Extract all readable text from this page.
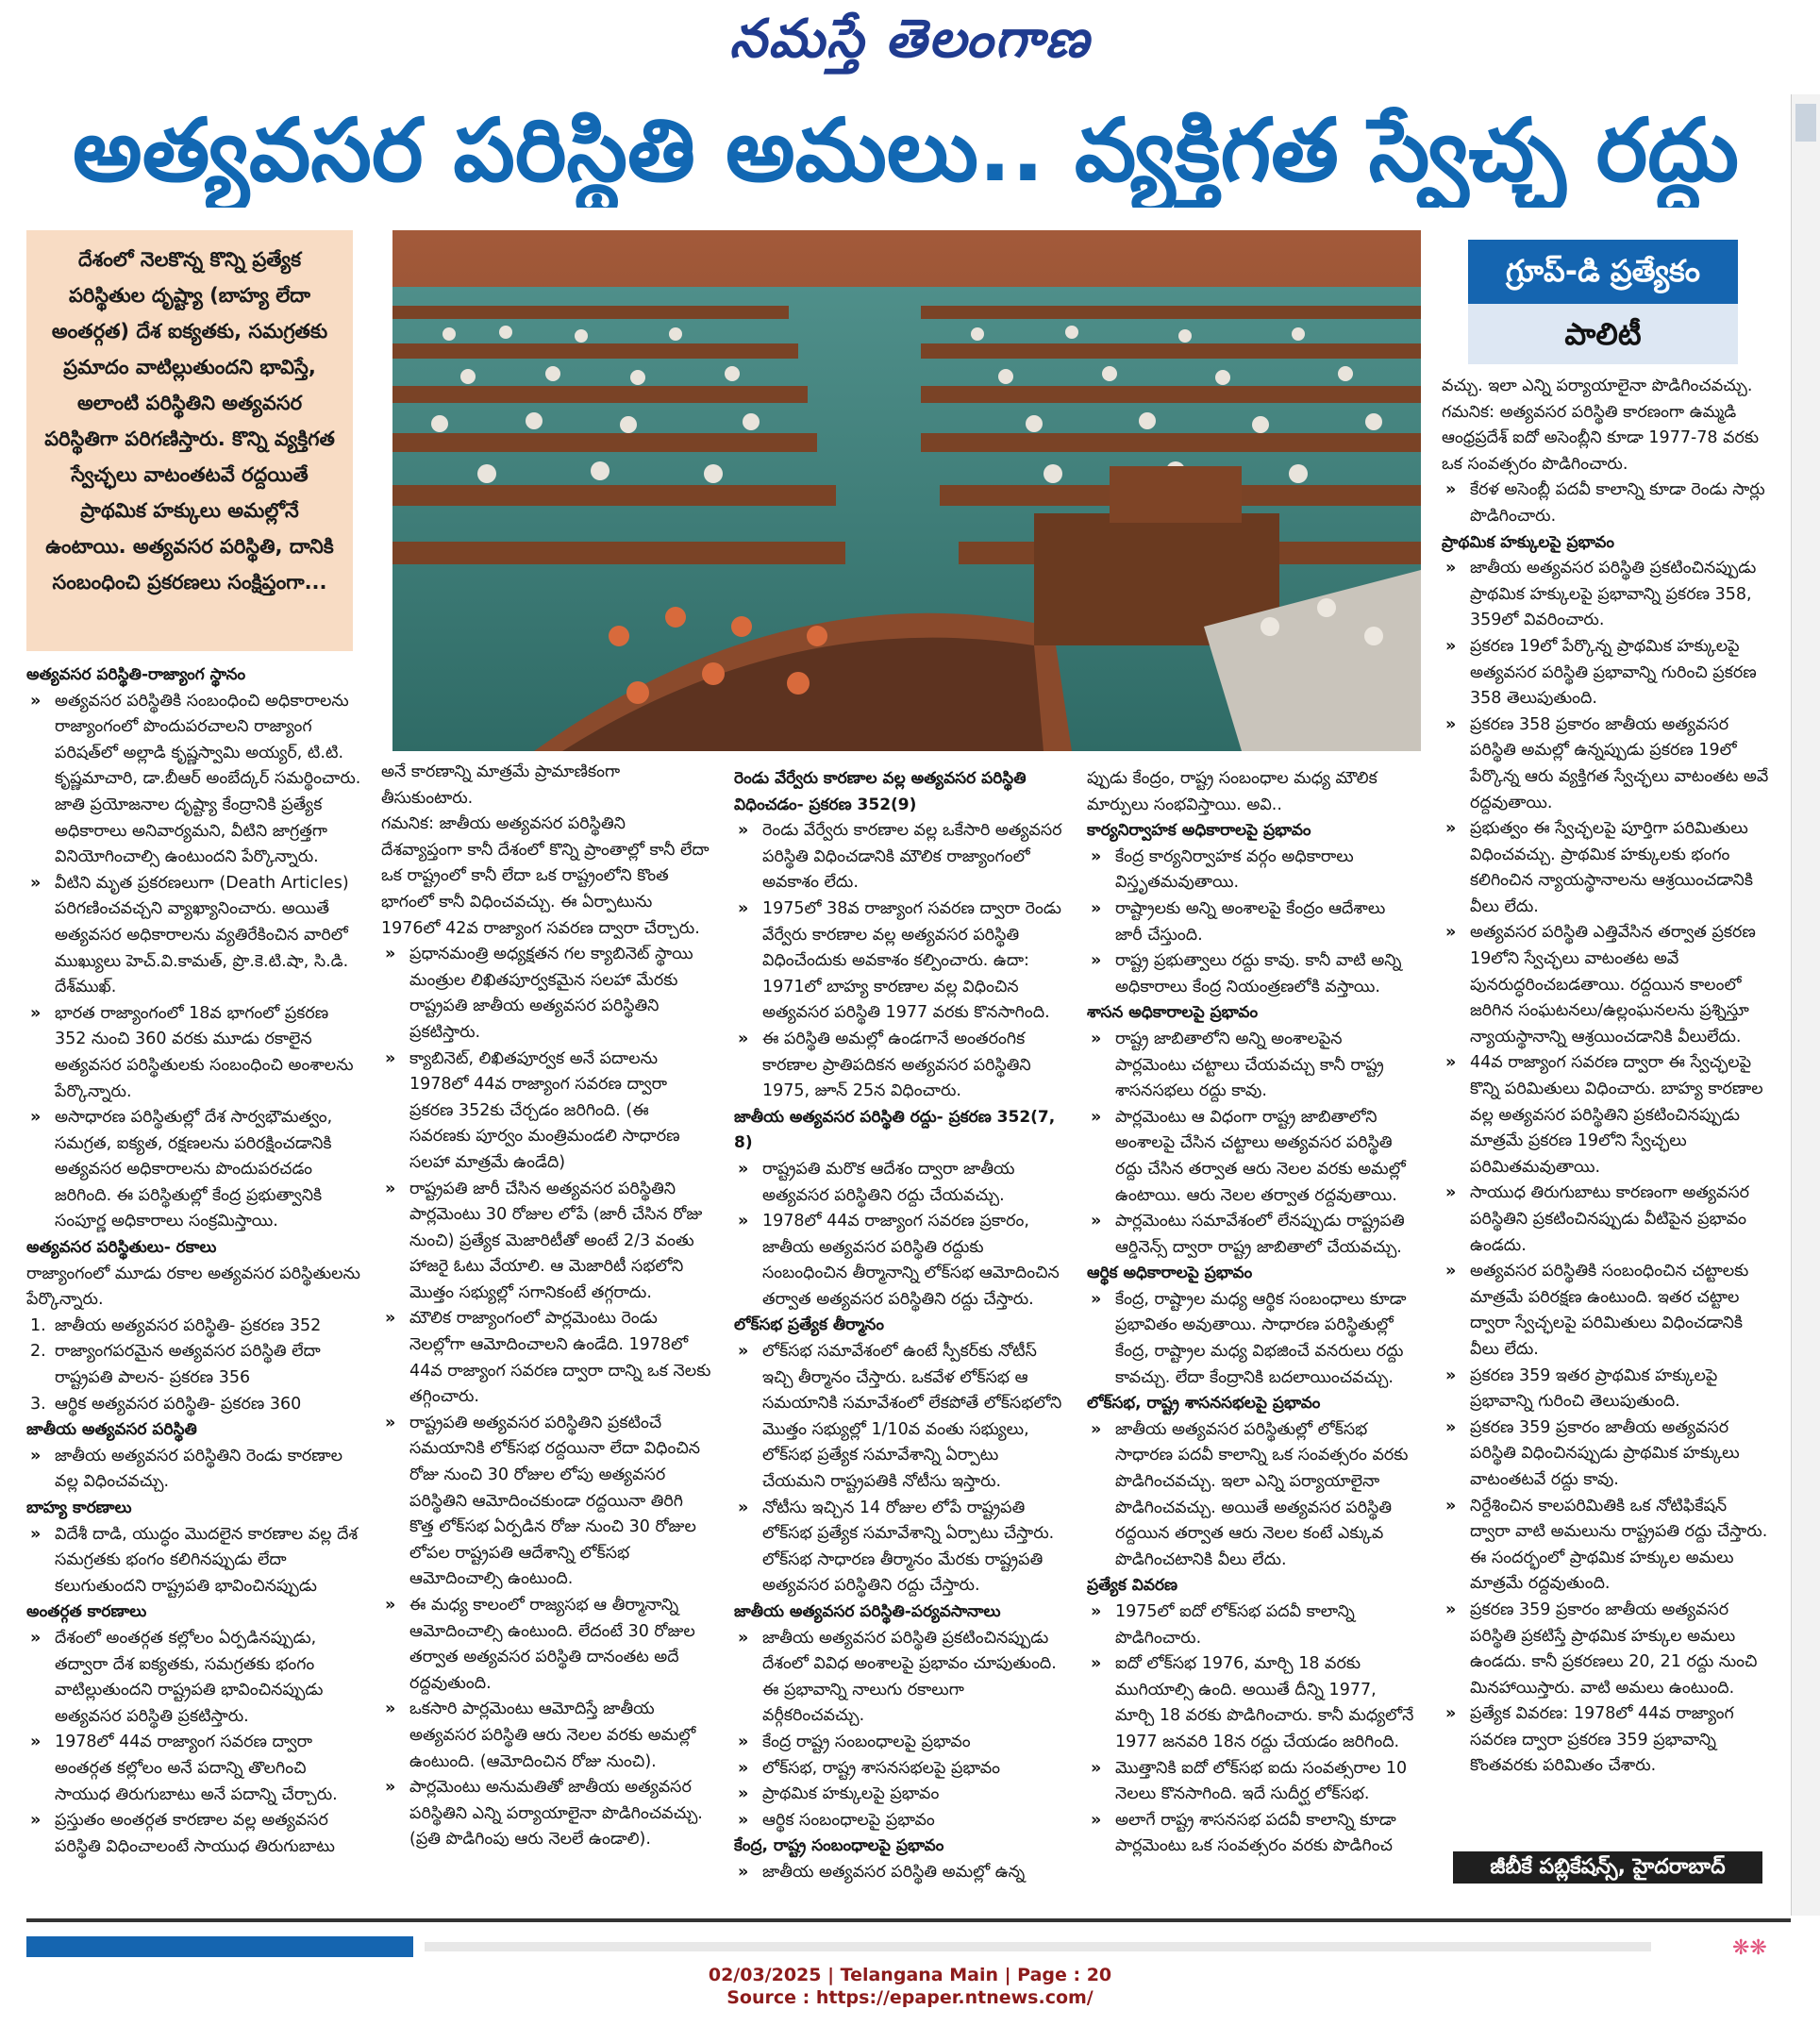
నమస్తే తెలంగాణ
అత్యవసర పరిస్థితి అమలు.. వ్యక్తిగత స్వేచ్ఛ రద్దు
దేశంలో నెలకొన్న కొన్ని ప్రత్యేక పరిస్థితుల దృష్ట్యా (బాహ్య లేదా అంతర్గత) దేశ ఐక్యతకు, సమగ్రతకు ప్రమాదం వాటిల్లుతుందని భావిస్తే, అలాంటి పరిస్థితిని అత్యవసర పరిస్థితిగా పరిగణిస్తారు. కొన్ని వ్యక్తిగత స్వేచ్ఛలు వాటంతటవే రద్దయితే ప్రాథమిక హక్కులు అమల్లోనే ఉంటాయి. అత్యవసర పరిస్థితి, దానికి సంబంధించి ప్రకరణలు సంక్షిప్తంగా...
గ్రూప్-డి ప్రత్యేకం
పాలిటీ

అత్యవసర పరిస్థితి-రాజ్యాంగ స్థానం

» అత్యవసర పరిస్థితికి సంబంధించి అధికారాలను రాజ్యాంగంలో పొందుపరచాలని రాజ్యాంగ పరిషత్‌లో అల్లాడి కృష్ణస్వామి అయ్యర్, టి.టి. కృష్ణమాచారి, డా.బీఆర్ అంబేద్కర్ సమర్థించారు. జాతి ప్రయోజనాల దృష్ట్యా కేంద్రానికి ప్రత్యేక అధికారాలు అనివార్యమని, వీటిని జాగ్రత్తగా వినియోగించాల్సి ఉంటుందని పేర్కొన్నారు.

» వీటిని మృత ప్రకరణలుగా (Death Articles) పరిగణించవచ్చని వ్యాఖ్యానించారు. అయితే అత్యవసర అధికారాలను వ్యతిరేకించిన వారిలో ముఖ్యులు హెచ్.వి.కామత్, ప్రొ.కె.టి.షా, సి.డి. దేశ్‌ముఖ్.

» భారత రాజ్యాంగంలో 18వ భాగంలో ప్రకరణ 352 నుంచి 360 వరకు మూడు రకాలైన అత్యవసర పరిస్థితులకు సంబంధించి అంశాలను పేర్కొన్నారు.

» అసాధారణ పరిస్థితుల్లో దేశ సార్వభౌమత్వం, సమగ్రత, ఐక్యత, రక్షణలను పరిరక్షించడానికి అత్యవసర అధికారాలను పొందుపరచడం జరిగింది. ఈ పరిస్థితుల్లో కేంద్ర ప్రభుత్వానికి సంపూర్ణ అధికారాలు సంక్రమిస్తాయి.

అత్యవసర పరిస్థితులు- రకాలు

రాజ్యాంగంలో మూడు రకాల అత్యవసర పరిస్థితులను పేర్కొన్నారు.

1. జాతీయ అత్యవసర పరిస్థితి- ప్రకరణ 352

2. రాజ్యాంగపరమైన అత్యవసర పరిస్థితి లేదా రాష్ట్రపతి పాలన- ప్రకరణ 356

3. ఆర్థిక అత్యవసర పరిస్థితి- ప్రకరణ 360

జాతీయ అత్యవసర పరిస్థితి

» జాతీయ అత్యవసర పరిస్థితిని రెండు కారణాల వల్ల విధించవచ్చు.

బాహ్య కారణాలు

» విదేశీ దాడి, యుద్ధం మొదలైన కారణాల వల్ల దేశ సమగ్రతకు భంగం కలిగినప్పుడు లేదా కలుగుతుందని రాష్ట్రపతి భావించినప్పుడు

అంతర్గత కారణాలు

» దేశంలో అంతర్గత కల్లోలం ఏర్పడినప్పుడు, తద్వారా దేశ ఐక్యతకు, సమగ్రతకు భంగం వాటిల్లుతుందని రాష్ట్రపతి భావించినప్పుడు అత్యవసర పరిస్థితి ప్రకటిస్తారు.

» 1978లో 44వ రాజ్యాంగ సవరణ ద్వారా అంతర్గత కల్లోలం అనే పదాన్ని తొలగించి సాయుధ తిరుగుబాటు అనే పదాన్ని చేర్చారు.

» ప్రస్తుతం అంతర్గత కారణాల వల్ల అత్యవసర పరిస్థితి విధించాలంటే సాయుధ తిరుగుబాటు

అనే కారణాన్ని మాత్రమే ప్రామాణికంగా తీసుకుంటారు.

గమనిక: జాతీయ అత్యవసర పరిస్థితిని దేశవ్యాప్తంగా కానీ దేశంలో కొన్ని ప్రాంతాల్లో కానీ లేదా ఒక రాష్ట్రంలో కానీ లేదా ఒక రాష్ట్రంలోని కొంత భాగంలో కానీ విధించవచ్చు. ఈ ఏర్పాటును 1976లో 42వ రాజ్యాంగ సవరణ ద్వారా చేర్చారు.

» ప్రధానమంత్రి అధ్యక్షతన గల క్యాబినెట్ స్థాయి మంత్రుల లిఖితపూర్వకమైన సలహా మేరకు రాష్ట్రపతి జాతీయ అత్యవసర పరిస్థితిని ప్రకటిస్తారు.

» క్యాబినెట్, లిఖితపూర్వక అనే పదాలను 1978లో 44వ రాజ్యాంగ సవరణ ద్వారా ప్రకరణ 352కు చేర్చడం జరిగింది. (ఈ సవరణకు పూర్వం మంత్రిమండలి సాధారణ సలహా మాత్రమే ఉండేది)

» రాష్ట్రపతి జారీ చేసిన అత్యవసర పరిస్థితిని పార్లమెంటు 30 రోజుల లోపే (జారీ చేసిన రోజు నుంచి) ప్రత్యేక మెజారిటీతో అంటే 2/3 వంతు హాజరై ఓటు వేయాలి. ఆ మెజారిటీ సభలోని మొత్తం సభ్యుల్లో సగానికంటే తగ్గరాదు.

» మౌలిక రాజ్యాంగంలో పార్లమెంటు రెండు నెలల్లోగా ఆమోదించాలని ఉండేది. 1978లో 44వ రాజ్యాంగ సవరణ ద్వారా దాన్ని ఒక నెలకు తగ్గించారు.

» రాష్ట్రపతి అత్యవసర పరిస్థితిని ప్రకటించే సమయానికి లోక్‌సభ రద్దయినా లేదా విధించిన రోజు నుంచి 30 రోజుల లోపు అత్యవసర పరిస్థితిని ఆమోదించకుండా రద్దయినా తిరిగి కొత్త లోక్‌సభ ఏర్పడిన రోజు నుంచి 30 రోజుల లోపల రాష్ట్రపతి ఆదేశాన్ని లోక్‌సభ ఆమోదించాల్సి ఉంటుంది.

» ఈ మధ్య కాలంలో రాజ్యసభ ఆ తీర్మానాన్ని ఆమోదించాల్సి ఉంటుంది. లేదంటే 30 రోజుల తర్వాత అత్యవసర పరిస్థితి దానంతట అదే రద్దవుతుంది.

» ఒకసారి పార్లమెంటు ఆమోదిస్తే జాతీయ అత్యవసర పరిస్థితి ఆరు నెలల వరకు అమల్లో ఉంటుంది. (ఆమోదించిన రోజు నుంచి).

» పార్లమెంటు అనుమతితో జాతీయ అత్యవసర పరిస్థితిని ఎన్ని పర్యాయాలైనా పొడిగించవచ్చు. (ప్రతి పొడిగింపు ఆరు నెలలే ఉండాలి).

రెండు వేర్వేరు కారణాల వల్ల అత్యవసర పరిస్థితి విధించడం- ప్రకరణ 352(9)

» రెండు వేర్వేరు కారణాల వల్ల ఒకేసారి అత్యవసర పరిస్థితి విధించడానికి మౌలిక రాజ్యాంగంలో అవకాశం లేదు.

» 1975లో 38వ రాజ్యాంగ సవరణ ద్వారా రెండు వేర్వేరు కారణాల వల్ల అత్యవసర పరిస్థితి విధించేందుకు అవకాశం కల్పించారు. ఉదా: 1971లో బాహ్య కారణాల వల్ల విధించిన అత్యవసర పరిస్థితి 1977 వరకు కొనసాగింది.

» ఈ పరిస్థితి అమల్లో ఉండగానే అంతరంగిక కారణాల ప్రాతిపదికన అత్యవసర పరిస్థితిని 1975, జూన్ 25న విధించారు.

జాతీయ అత్యవసర పరిస్థితి రద్దు- ప్రకరణ 352(7, 8)

» రాష్ట్రపతి మరొక ఆదేశం ద్వారా జాతీయ అత్యవసర పరిస్థితిని రద్దు చేయవచ్చు.

» 1978లో 44వ రాజ్యాంగ సవరణ ప్రకారం, జాతీయ అత్యవసర పరిస్థితి రద్దుకు సంబంధించిన తీర్మానాన్ని లోక్‌సభ ఆమోదించిన తర్వాత అత్యవసర పరిస్థితిని రద్దు చేస్తారు.

లోక్‌సభ ప్రత్యేక తీర్మానం

» లోక్‌సభ సమావేశంలో ఉంటే స్పీకర్‌కు నోటీస్ ఇచ్చి తీర్మానం చేస్తారు. ఒకవేళ లోక్‌సభ ఆ సమయానికి సమావేశంలో లేకపోతే లోక్‌సభలోని మొత్తం సభ్యుల్లో 1/10వ వంతు సభ్యులు, లోక్‌సభ ప్రత్యేక సమావేశాన్ని ఏర్పాటు చేయమని రాష్ట్రపతికి నోటీసు ఇస్తారు.

» నోటీసు ఇచ్చిన 14 రోజుల లోపే రాష్ట్రపతి లోక్‌సభ ప్రత్యేక సమావేశాన్ని ఏర్పాటు చేస్తారు. లోక్‌సభ సాధారణ తీర్మానం మేరకు రాష్ట్రపతి అత్యవసర పరిస్థితిని రద్దు చేస్తారు.

జాతీయ అత్యవసర పరిస్థితి-పర్యవసానాలు

» జాతీయ అత్యవసర పరిస్థితి ప్రకటించినప్పుడు దేశంలో వివిధ అంశాలపై ప్రభావం చూపుతుంది. ఈ ప్రభావాన్ని నాలుగు రకాలుగా వర్గీకరించవచ్చు.

» కేంద్ర రాష్ట్ర సంబంధాలపై ప్రభావం

» లోక్‌సభ, రాష్ట్ర శాసనసభలపై ప్రభావం

» ప్రాథమిక హక్కులపై ప్రభావం

» ఆర్థిక సంబంధాలపై ప్రభావం

కేంద్ర, రాష్ట్ర సంబంధాలపై ప్రభావం

» జాతీయ అత్యవసర పరిస్థితి అమల్లో ఉన్న

ప్పుడు కేంద్రం, రాష్ట్ర సంబంధాల మధ్య మౌలిక మార్పులు సంభవిస్తాయి. అవి..

కార్యనిర్వాహక అధికారాలపై ప్రభావం

» కేంద్ర కార్యనిర్వాహక వర్గం అధికారాలు విస్తృతమవుతాయి.

» రాష్ట్రాలకు అన్ని అంశాలపై కేంద్రం ఆదేశాలు జారీ చేస్తుంది.

» రాష్ట్ర ప్రభుత్వాలు రద్దు కావు. కానీ వాటి అన్ని అధికారాలు కేంద్ర నియంత్రణలోకి వస్తాయి.

శాసన అధికారాలపై ప్రభావం

» రాష్ట్ర జాబితాలోని అన్ని అంశాలపైన పార్లమెంటు చట్టాలు చేయవచ్చు కానీ రాష్ట్ర శాసనసభలు రద్దు కావు.

» పార్లమెంటు ఆ విధంగా రాష్ట్ర జాబితాలోని అంశాలపై చేసిన చట్టాలు అత్యవసర పరిస్థితి రద్దు చేసిన తర్వాత ఆరు నెలల వరకు అమల్లో ఉంటాయి. ఆరు నెలల తర్వాత రద్దవుతాయి.

» పార్లమెంటు సమావేశంలో లేనప్పుడు రాష్ట్రపతి ఆర్డినెన్స్ ద్వారా రాష్ట్ర జాబితాలో చేయవచ్చు.

ఆర్థిక అధికారాలపై ప్రభావం

» కేంద్ర, రాష్ట్రాల మధ్య ఆర్థిక సంబంధాలు కూడా ప్రభావితం అవుతాయి. సాధారణ పరిస్థితుల్లో కేంద్ర, రాష్ట్రాల మధ్య విభజించే వనరులు రద్దు కావచ్చు. లేదా కేంద్రానికి బదలాయించవచ్చు.

లోక్‌సభ, రాష్ట్ర శాసనసభలపై ప్రభావం

» జాతీయ అత్యవసర పరిస్థితుల్లో లోక్‌సభ సాధారణ పదవీ కాలాన్ని ఒక సంవత్సరం వరకు పొడిగించవచ్చు. ఇలా ఎన్ని పర్యాయాలైనా పొడిగించవచ్చు. అయితే అత్యవసర పరిస్థితి రద్దయిన తర్వాత ఆరు నెలల కంటే ఎక్కువ పొడిగించటానికి వీలు లేదు.

ప్రత్యేక వివరణ

» 1975లో ఐదో లోక్‌సభ పదవీ కాలాన్ని పొడిగించారు.

» ఐదో లోక్‌సభ 1976, మార్చి 18 వరకు ముగియాల్సి ఉంది. అయితే దీన్ని 1977, మార్చి 18 వరకు పొడిగించారు. కానీ మధ్యలోనే 1977 జనవరి 18న రద్దు చేయడం జరిగింది.

» మొత్తానికి ఐదో లోక్‌సభ ఐదు సంవత్సరాల 10 నెలలు కొనసాగింది. ఇదే సుదీర్ఘ లోక్‌సభ.

» అలాగే రాష్ట్ర శాసనసభ పదవీ కాలాన్ని కూడా పార్లమెంటు ఒక సంవత్సరం వరకు పొడిగించ

వచ్చు. ఇలా ఎన్ని పర్యాయాలైనా పొడిగించవచ్చు.

గమనిక: అత్యవసర పరిస్థితి కారణంగా ఉమ్మడి ఆంధ్రప్రదేశ్ ఐదో అసెంబ్లీని కూడా 1977-78 వరకు ఒక సంవత్సరం పొడిగించారు.

» కేరళ అసెంబ్లీ పదవీ కాలాన్ని కూడా రెండు సార్లు పొడిగించారు.

ప్రాథమిక హక్కులపై ప్రభావం

» జాతీయ అత్యవసర పరిస్థితి ప్రకటించినప్పుడు ప్రాథమిక హక్కులపై ప్రభావాన్ని ప్రకరణ 358, 359లో వివరించారు.

» ప్రకరణ 19లో పేర్కొన్న ప్రాథమిక హక్కులపై అత్యవసర పరిస్థితి ప్రభావాన్ని గురించి ప్రకరణ 358 తెలుపుతుంది.

» ప్రకరణ 358 ప్రకారం జాతీయ అత్యవసర పరిస్థితి అమల్లో ఉన్నప్పుడు ప్రకరణ 19లో పేర్కొన్న ఆరు వ్యక్తిగత స్వేచ్ఛలు వాటంతట అవే రద్దవుతాయి.

» ప్రభుత్వం ఈ స్వేచ్ఛలపై పూర్తిగా పరిమితులు విధించవచ్చు. ప్రాథమిక హక్కులకు భంగం కలిగించిన న్యాయస్థానాలను ఆశ్రయించడానికి వీలు లేదు.

» అత్యవసర పరిస్థితి ఎత్తివేసిన తర్వాత ప్రకరణ 19లోని స్వేచ్ఛలు వాటంతట అవే పునరుద్ధరించబడతాయి. రద్దయిన కాలంలో జరిగిన సంఘటనలు/ఉల్లంఘనలను ప్రశ్నిస్తూ న్యాయస్థానాన్ని ఆశ్రయించడానికి వీలులేదు.

» 44వ రాజ్యాంగ సవరణ ద్వారా ఈ స్వేచ్ఛలపై కొన్ని పరిమితులు విధించారు. బాహ్య కారణాల వల్ల అత్యవసర పరిస్థితిని ప్రకటించినప్పుడు మాత్రమే ప్రకరణ 19లోని స్వేచ్ఛలు పరిమితమవుతాయి.

» సాయుధ తిరుగుబాటు కారణంగా అత్యవసర పరిస్థితిని ప్రకటించినప్పుడు వీటిపైన ప్రభావం ఉండదు.

» అత్యవసర పరిస్థితికి సంబంధించిన చట్టాలకు మాత్రమే పరిరక్షణ ఉంటుంది. ఇతర చట్టాల ద్వారా స్వేచ్ఛలపై పరిమితులు విధించడానికి వీలు లేదు.

» ప్రకరణ 359 ఇతర ప్రాథమిక హక్కులపై ప్రభావాన్ని గురించి తెలుపుతుంది.

» ప్రకరణ 359 ప్రకారం జాతీయ అత్యవసర పరిస్థితి విధించినప్పుడు ప్రాథమిక హక్కులు వాటంతటవే రద్దు కావు.

» నిర్దేశించిన కాలపరిమితికి ఒక నోటిఫికేషన్ ద్వారా వాటి అమలును రాష్ట్రపతి రద్దు చేస్తారు. ఈ సందర్భంలో ప్రాథమిక హక్కుల అమలు మాత్రమే రద్దవుతుంది.

» ప్రకరణ 359 ప్రకారం జాతీయ అత్యవసర పరిస్థితి ప్రకటిస్తే ప్రాథమిక హక్కుల అమలు ఉండదు. కానీ ప్రకరణలు 20, 21 రద్దు నుంచి మినహాయిస్తారు. వాటి అమలు ఉంటుంది.

» ప్రత్యేక వివరణ: 1978లో 44వ రాజ్యాంగ సవరణ ద్వారా ప్రకరణ 359 ప్రభావాన్ని కొంతవరకు పరిమితం చేశారు.

జీబీకే పబ్లికేషన్స్, హైదరాబాద్
❋❋
02/03/2025 | Telangana Main | Page : 20
Source : https://epaper.ntnews.com/
